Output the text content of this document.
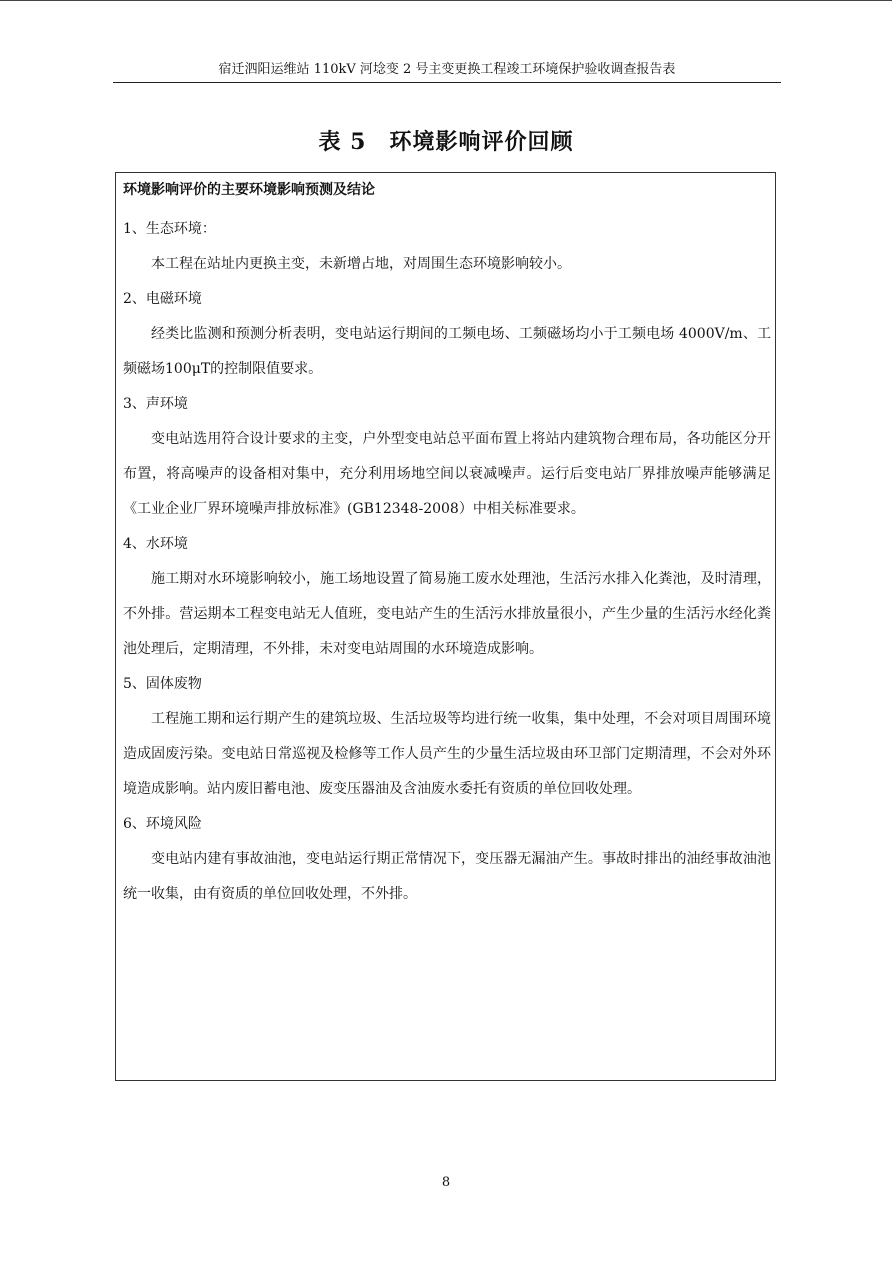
宿迁泗阳运维站 110kV 河埝变 2 号主变更换工程竣工环境保护验收调查报告表
表 5　环境影响评价回顾
环境影响评价的主要环境影响预测及结论

1、生态环境：

本工程在站址内更换主变，未新增占地，对周围生态环境影响较小。

2、电磁环境

经类比监测和预测分析表明，变电站运行期间的工频电场、工频磁场均小于工频电场 4000V/m、工频磁场100μT的控制限值要求。

3、声环境

变电站选用符合设计要求的主变，户外型变电站总平面布置上将站内建筑物合理布局，各功能区分开布置，将高噪声的设备相对集中，充分利用场地空间以衰减噪声。运行后变电站厂界排放噪声能够满足《工业企业厂界环境噪声排放标准》(GB12348-2008）中相关标准要求。

4、水环境

施工期对水环境影响较小，施工场地设置了简易施工废水处理池，生活污水排入化粪池，及时清理，不外排。营运期本工程变电站无人值班，变电站产生的生活污水排放量很小，产生少量的生活污水经化粪池处理后，定期清理，不外排，未对变电站周围的水环境造成影响。

5、固体废物

工程施工期和运行期产生的建筑垃圾、生活垃圾等均进行统一收集，集中处理，不会对项目周围环境造成固废污染。变电站日常巡视及检修等工作人员产生的少量生活垃圾由环卫部门定期清理，不会对外环境造成影响。站内废旧蓄电池、废变压器油及含油废水委托有资质的单位回收处理。

6、环境风险

变电站内建有事故油池，变电站运行期正常情况下，变压器无漏油产生。事故时排出的油经事故油池统一收集，由有资质的单位回收处理，不外排。

8
